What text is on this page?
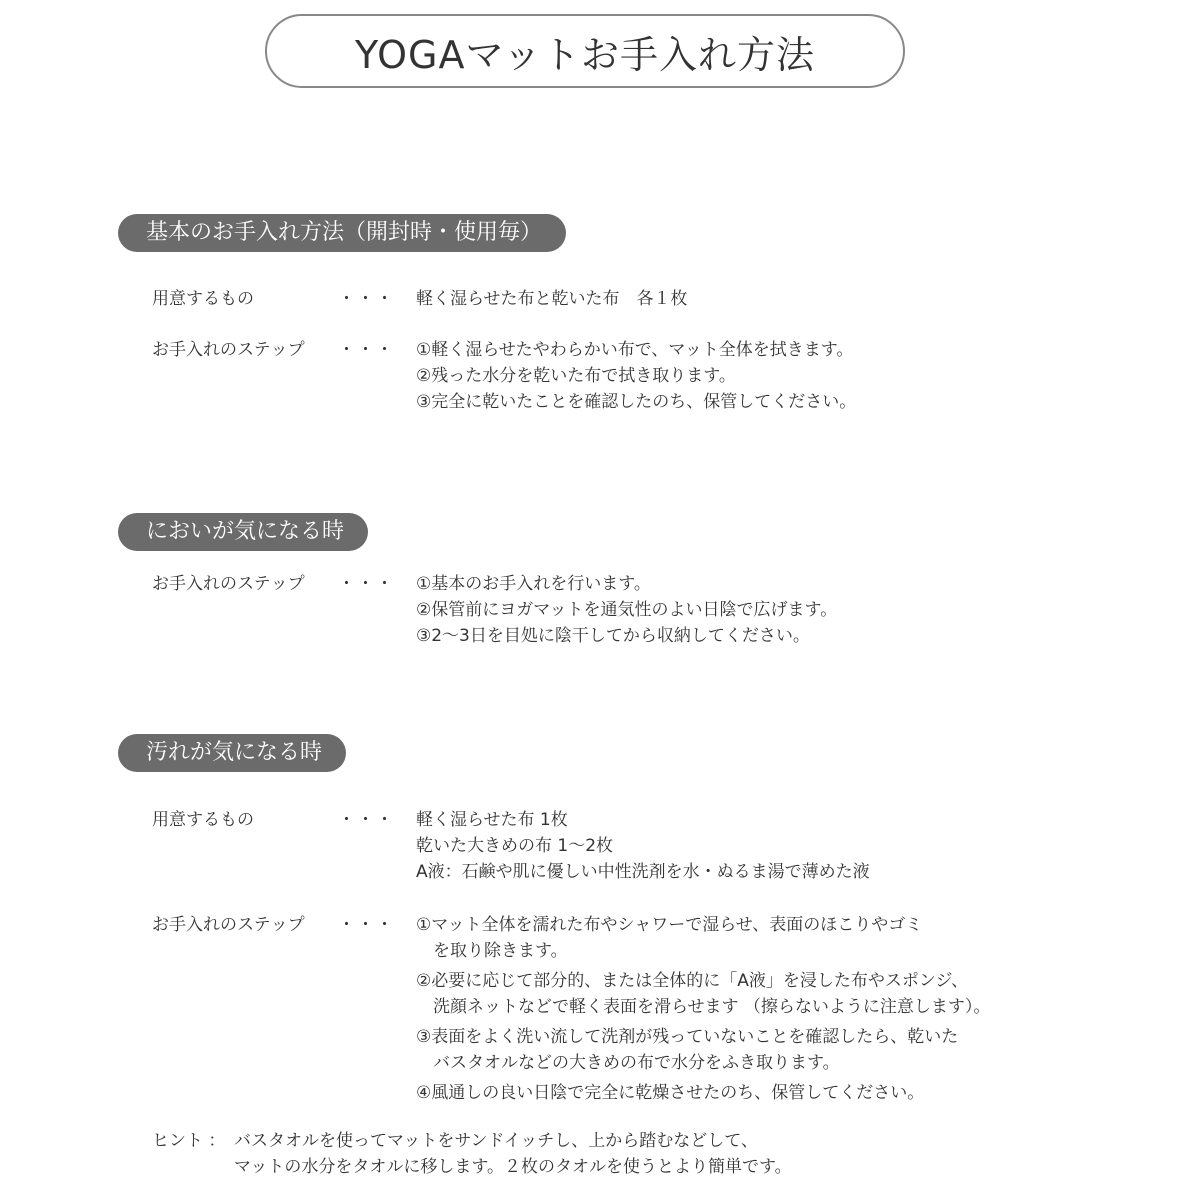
YOGAマットお手入れ方法
基本のお手入れ方法（開封時・使用毎）
用意するもの	・・・ 軽く湿らせた布と乾いた布　各１枚
お手入れのステップ ・・・ ①軽く湿らせたやわらかい布で、マット全体を拭きます。
②残った水分を乾いた布で拭き取ります。
③完全に乾いたことを確認したのち、保管してください。
においが気になる時
お手入れのステップ ・・・ ①基本のお手入れを行います。
②保管前にヨガマットを通気性のよい日陰で広げます。
③2～3日を目処に陰干してから収納してください。
汚れが気になる時
用意するもの	・・・ 軽く湿らせた布 1枚
乾いた大きめの布 1～2枚
A液：石鹸や肌に優しい中性洗剤を水・ぬるま湯で薄めた液
お手入れのステップ ・・・ ①マット全体を濡れた布やシャワーで湿らせ、表面のほこりやゴミ
　を取り除きます。
②必要に応じて部分的、または全体的に「A液」を浸した布やスポンジ、
　洗顔ネットなどで軽く表面を滑らせます （擦らないように注意します）。
③表面をよく洗い流して洗剤が残っていないことを確認したら、乾いた
　バスタオルなどの大きめの布で水分をふき取ります。
④風通しの良い日陰で完全に乾燥させたのち、保管してください。
ヒント ： バスタオルを使ってマットをサンドイッチし、上から踏むなどして、
マットの水分をタオルに移します。２枚のタオルを使うとより簡単です。
